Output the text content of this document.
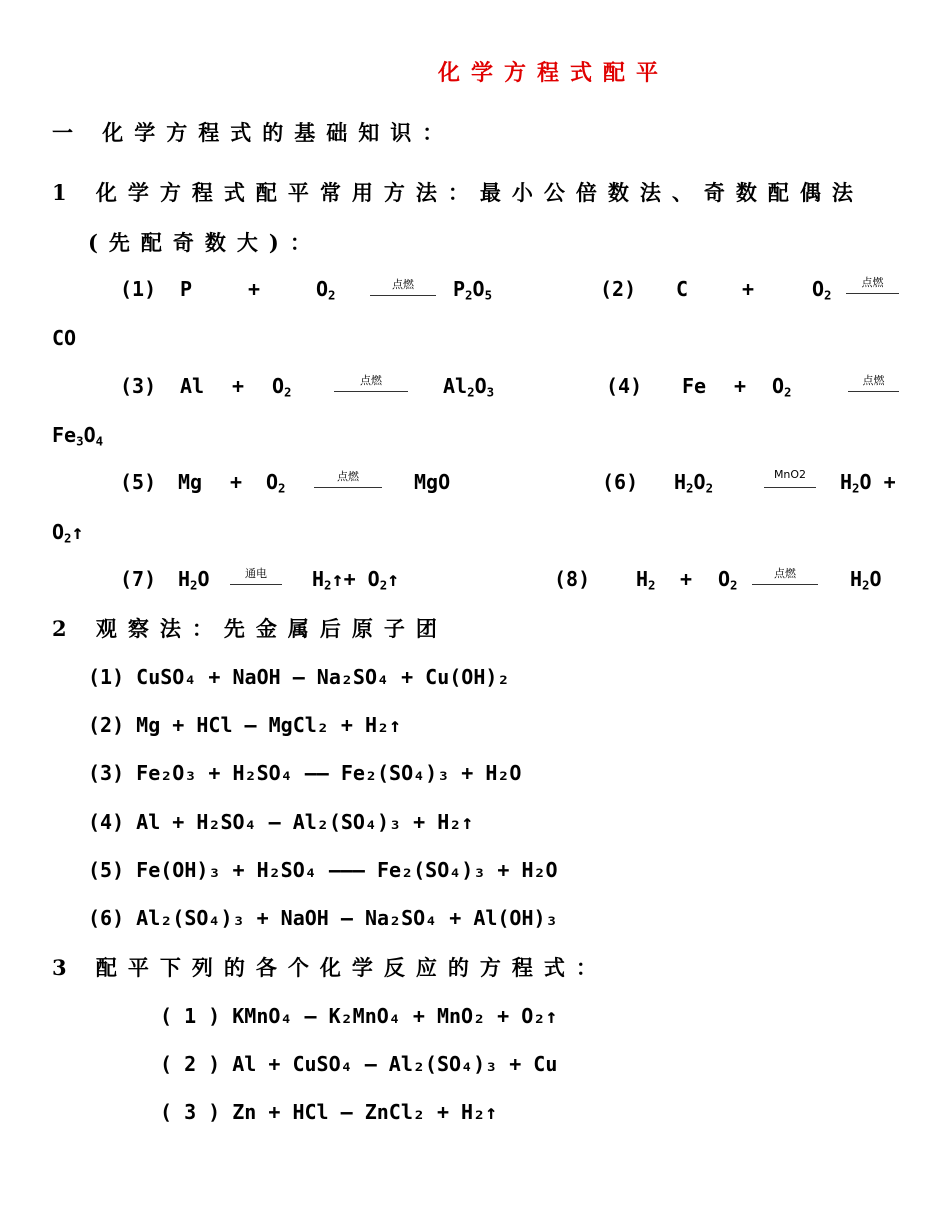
化学方程式配平
一 化学方程式的基础知识：
1 化学方程式配平常用方法：最小公倍数法、奇数配偶法
(先配奇数大)：
(1) P	+	$O_2$
点燃	$P_2O_5$	(2) C	+	$O_2$
点燃
CO
(3) $Al + O_2$
点燃	$Al_2O_3$	(4) $Fe + O_2$
点燃
$Fe_3O_4$
(5) $Mg + O_2$
点燃	MgO	(6) $H_2O_2$
MnO2	$H_2O$ +
$O_2↑$
(7) $H_2O$	通电	$H_2↑+$ $O_2↑$	(8) $H_2 + O_2$
点燃	$H_2O$
2 观察法：先金属后原子团
(1) CuSO₄ + NaOH — Na₂SO₄ + Cu(OH)₂
(2) Mg + HCl — MgCl₂ + H₂↑
(3) Fe₂O₃ + H₂SO₄ —— Fe₂(SO₄)₃ + H₂O
(4) Al + H₂SO₄ — Al₂(SO₄)₃ + H₂↑
(5) Fe(OH)₃ + H₂SO₄ ——— Fe₂(SO₄)₃ + H₂O
(6) Al₂(SO₄)₃ + NaOH — Na₂SO₄ + Al(OH)₃
3 配平下列的各个化学反应的方程式：
( 1 ) KMnO₄ — K₂MnO₄ + MnO₂ + O₂↑
( 2 ) Al + CuSO₄ — Al₂(SO₄)₃ + Cu
( 3 ) Zn + HCl — ZnCl₂ + H₂↑
